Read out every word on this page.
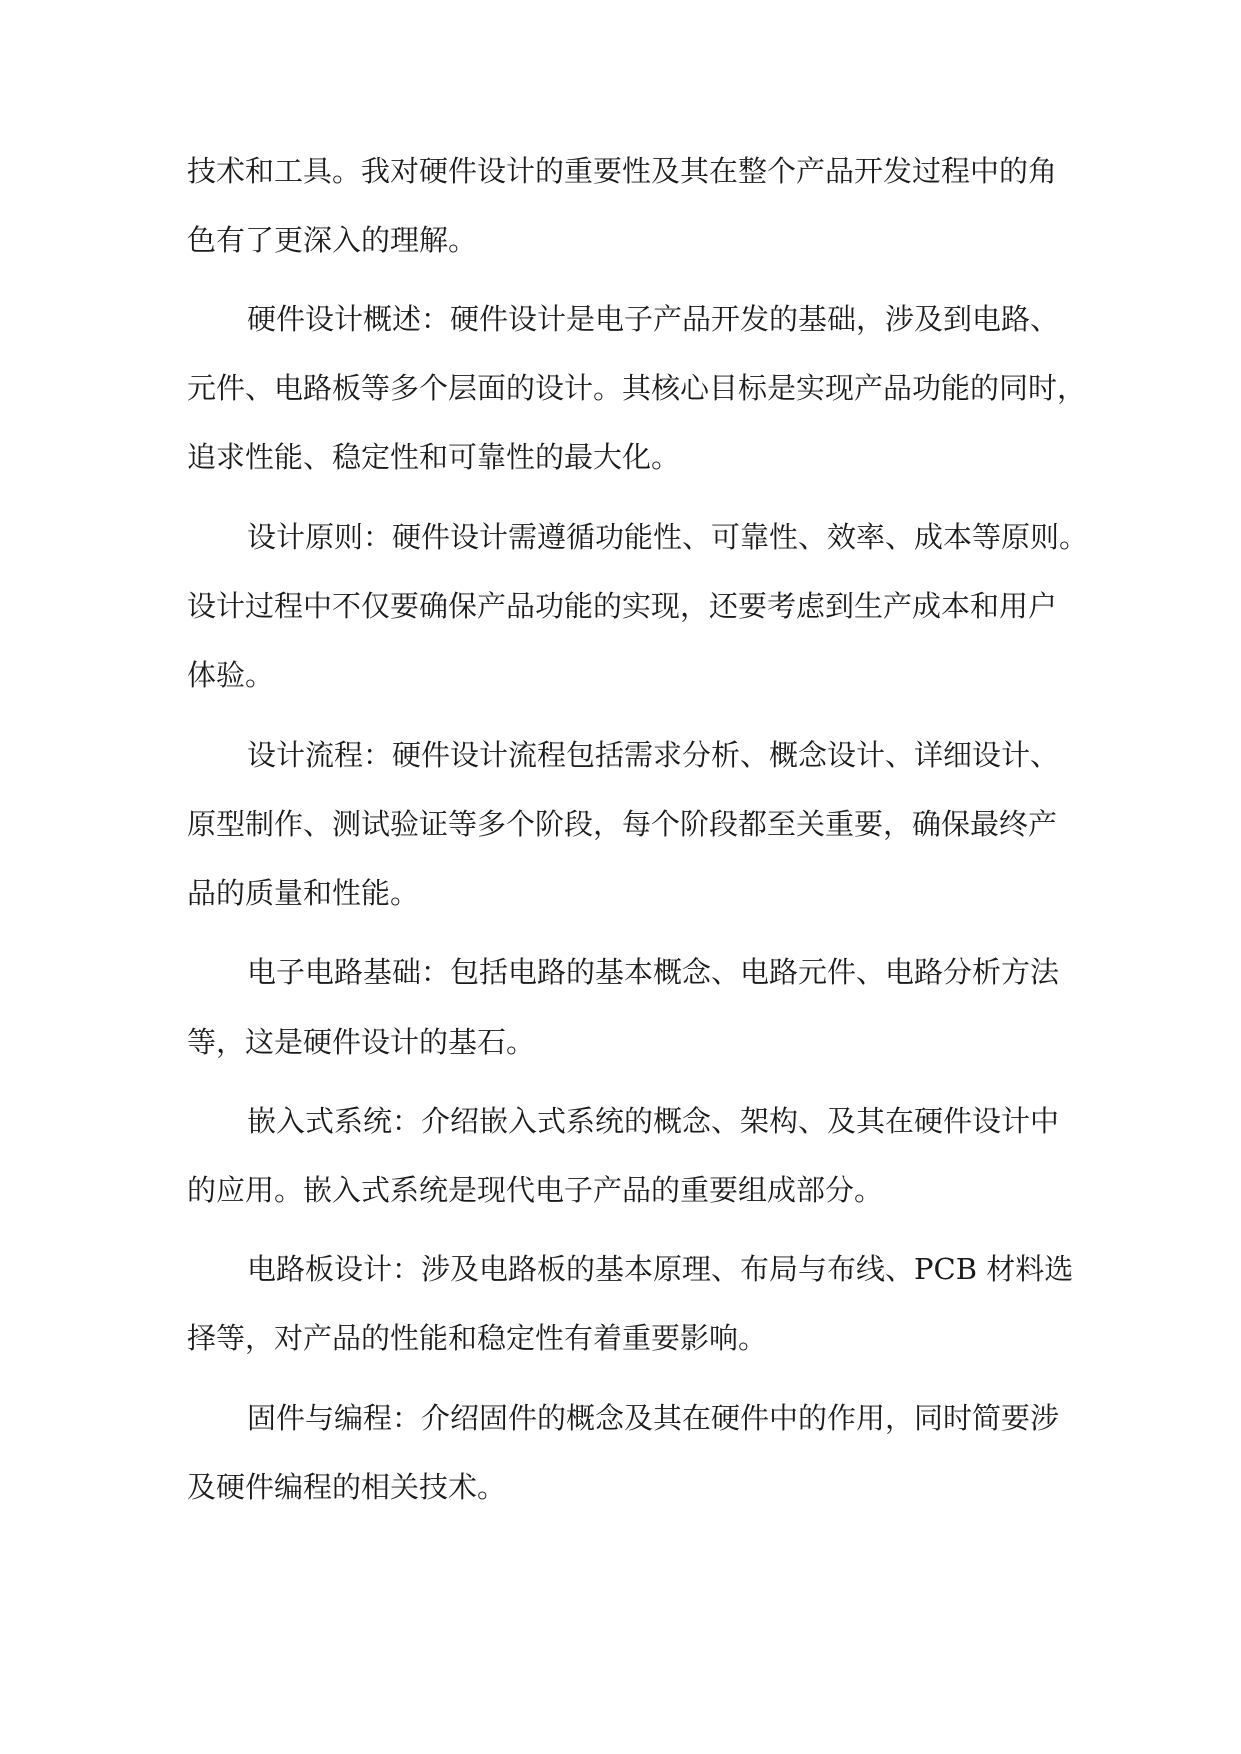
技术和工具。我对硬件设计的重要性及其在整个产品开发过程中的角
色有了更深入的理解。
硬件设计概述：硬件设计是电子产品开发的基础，涉及到电路、
元件、电路板等多个层面的设计。其核心目标是实现产品功能的同时，
追求性能、稳定性和可靠性的最大化。
设计原则：硬件设计需遵循功能性、可靠性、效率、成本等原则。
设计过程中不仅要确保产品功能的实现，还要考虑到生产成本和用户
体验。
设计流程：硬件设计流程包括需求分析、概念设计、详细设计、
原型制作、测试验证等多个阶段，每个阶段都至关重要，确保最终产
品的质量和性能。
电子电路基础：包括电路的基本概念、电路元件、电路分析方法
等，这是硬件设计的基石。
嵌入式系统：介绍嵌入式系统的概念、架构、及其在硬件设计中
的应用。嵌入式系统是现代电子产品的重要组成部分。
电路板设计：涉及电路板的基本原理、布局与布线、PCB 材料选
择等，对产品的性能和稳定性有着重要影响。
固件与编程：介绍固件的概念及其在硬件中的作用，同时简要涉
及硬件编程的相关技术。
